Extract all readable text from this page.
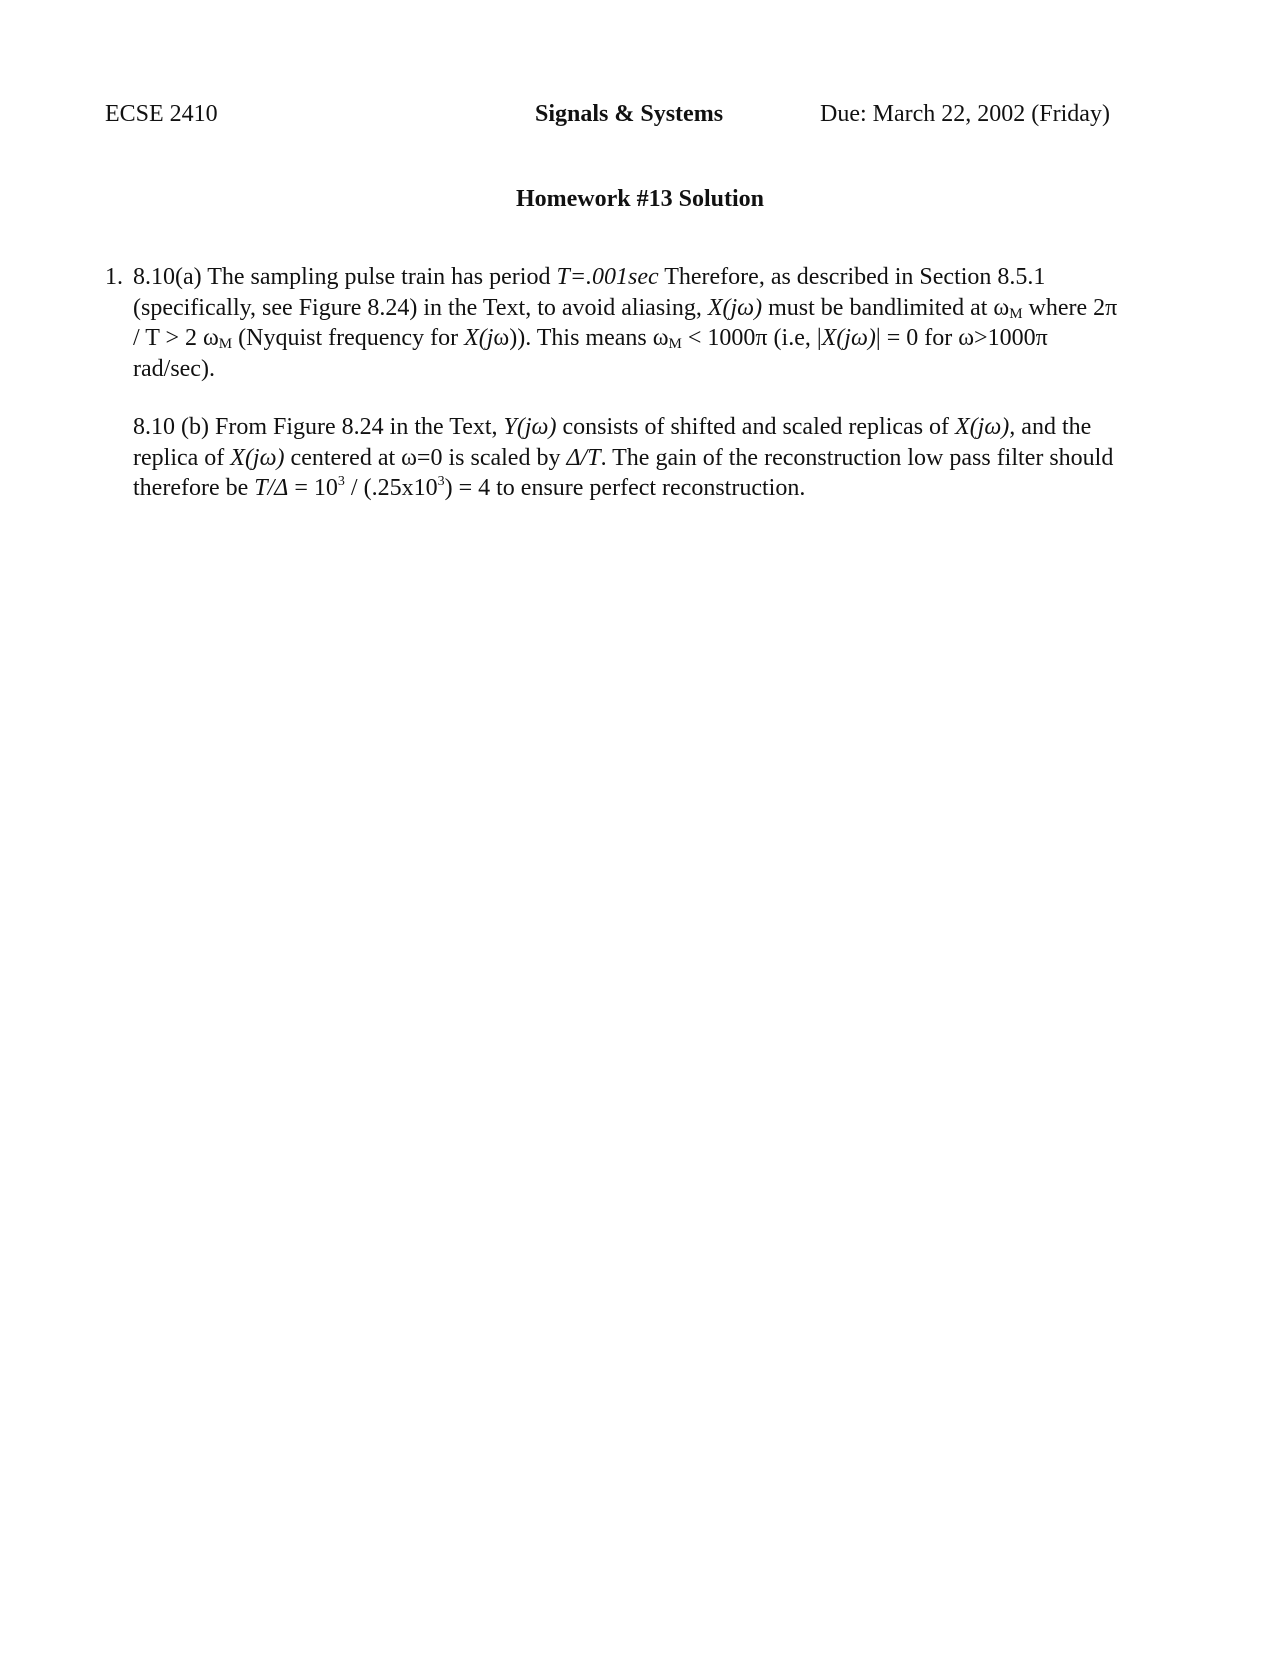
ECSE 2410	Signals & Systems	Due: March 22, 2002 (Friday)
Homework #13 Solution
1. 8.10(a) The sampling pulse train has period T=.001sec Therefore, as described in Section 8.5.1
(specifically, see Figure 8.24) in the Text, to avoid aliasing, X(jω) must be bandlimited at $\omega_M$ where 2π
/ T > 2 $\omega_M$ (Nyquist frequency for X(jω)). This means $\omega_M < 1000\pi$ (i.e, |X(jω)| = 0 for ω>1000π
rad/sec).
8.10 (b) From Figure 8.24 in the Text, Y(jω) consists of shifted and scaled replicas of X(jω), and the
replica of X(jω) centered at ω=0 is scaled by Δ/T. The gain of the reconstruction low pass filter should
therefore be $T/\Delta = 10^3 / (.25x10^3) = 4$ to ensure perfect reconstruction.
